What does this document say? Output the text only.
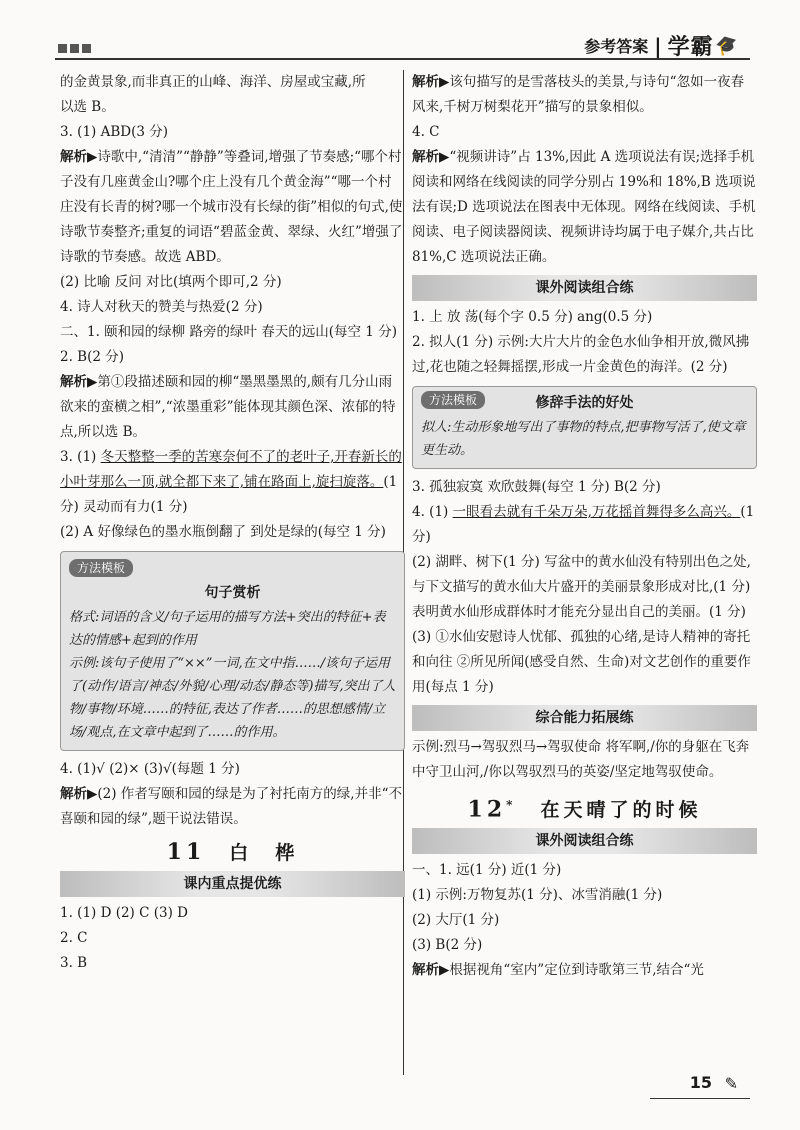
参考答案 | 学霸 🎓

的金黄景象,而非真正的山峰、海洋、房屋或宝藏,所

以选 B。

3. (1) ABD(3 分)

解析▶诗歌中,“清清”“静静”等叠词,增强了节奏感;“哪个村子没有几座黄金山?哪个庄上没有几个黄金海”“哪一个村庄没有长青的树?哪一个城市没有长绿的街”相似的句式,使诗歌节奏整齐;重复的词语“碧蓝金黄、翠绿、火红”增强了诗歌的节奏感。故选 ABD。

(2) 比喻 反问 对比(填两个即可,2 分)

4. 诗人对秋天的赞美与热爱(2 分)

二、1. 颐和园的绿柳 路旁的绿叶 春天的远山(每空 1 分)

2. B(2 分)

解析▶第①段描述颐和园的柳“墨黑墨黑的,颇有几分山雨欲来的蛮横之相”,“浓墨重彩”能体现其颜色深、浓郁的特点,所以选 B。

3. (1) 冬天整整一季的苦寒奈何不了的老叶子,开春新长的小叶芽那么一顶,就全都下来了,铺在路面上,旋扫旋落。(1 分) 灵动而有力(1 分)

(2) A 好像绿色的墨水瓶倒翻了 到处是绿的(每空 1 分)

方法模板
句子赏析
格式:词语的含义/句子运用的描写方法+突出的特征+表达的情感+起到的作用
示例:该句子使用了“××”一词,在文中指……/该句子运用了(动作/语言/神态/外貌/心理/动态/静态等)描写,突出了人物/事物/环境……的特征,表达了作者……的思想感情/立场/观点,在文章中起到了……的作用。

4. (1)√ (2)× (3)√(每题 1 分)

解析▶(2) 作者写颐和园的绿是为了衬托南方的绿,并非“不喜颐和园的绿”,题干说法错误。

11 白　桦
课内重点提优练

1. (1) D (2) C (3) D

2. C

3. B

解析▶该句描写的是雪落枝头的美景,与诗句“忽如一夜春风来,千树万树梨花开”描写的景象相似。

4. C

解析▶“视频讲诗”占 13%,因此 A 选项说法有误;选择手机阅读和网络在线阅读的同学分别占 19%和 18%,B 选项说法有误;D 选项说法在图表中无体现。网络在线阅读、手机阅读、电子阅读器阅读、视频讲诗均属于电子媒介,共占比 81%,C 选项说法正确。

课外阅读组合练

1. 上 放 荡(每个字 0.5 分) ang(0.5 分)

2. 拟人(1 分) 示例:大片大片的金色水仙争相开放,微风拂过,花也随之轻舞摇摆,形成一片金黄色的海洋。(2 分)

方法模板	修辞手法的好处
拟人:生动形象地写出了事物的特点,把事物写活了,使文章更生动。

3. 孤独寂寞 欢欣鼓舞(每空 1 分) B(2 分)

4. (1) 一眼看去就有千朵万朵,万花摇首舞得多么高兴。(1 分)

(2) 湖畔、树下(1 分) 写盆中的黄水仙没有特别出色之处,与下文描写的黄水仙大片盛开的美丽景象形成对比,(1 分) 表明黄水仙形成群体时才能充分显出自己的美丽。(1 分)

(3) ①水仙安慰诗人忧郁、孤独的心绪,是诗人精神的寄托和向往 ②所见所闻(感受自然、生命)对文艺创作的重要作用(每点 1 分)

综合能力拓展练

示例:烈马→驾驭烈马→驾驭使命 将军啊,/你的身躯在飞奔中守卫山河,/你以驾驭烈马的英姿/坚定地驾驭使命。

12* 在天晴了的时候
课外阅读组合练

一、1. 远(1 分) 近(1 分)

(1) 示例:万物复苏(1 分)、冰雪消融(1 分)

(2) 大厅(1 分)

(3) B(2 分)

解析▶根据视角“室内”定位到诗歌第三节,结合“光

15 ✎
